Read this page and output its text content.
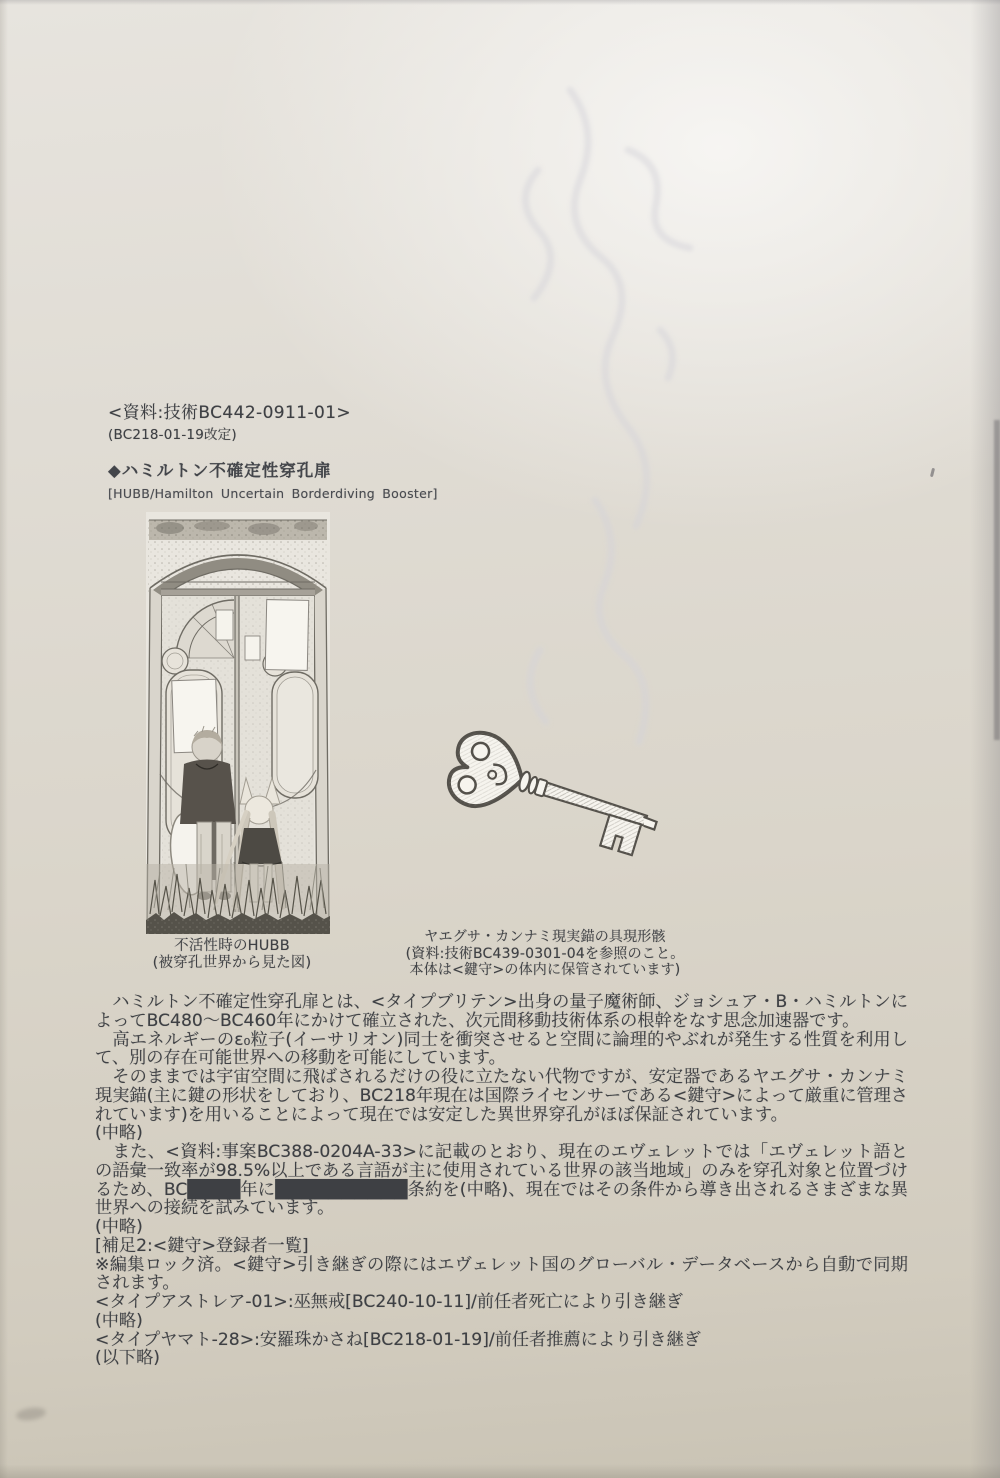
<資料:技術BC442-0911-01>
(BC218-01-19改定)
◆ハミルトン不確定性穿孔扉
[HUBB/Hamilton Uncertain Borderdiving Booster]
不活性時のHUBB
(被穿孔世界から見た図)
ヤエグサ・カンナミ現実錨の具現形骸
(資料:技術BC439-0301-04を参照のこと。
本体は<鍵守>の体内に保管されています)

　ハミルトン不確定性穿孔扉とは、<タイプブリテン>出身の量子魔術師、ジョシュア・B・ハミルトンによってBC480〜BC460年にかけて確立された、次元間移動技術体系の根幹をなす思念加速器です。

　高エネルギーのε₀粒子(イーサリオン)同士を衝突させると空間に論理的やぶれが発生する性質を利用して、別の存在可能世界への移動を可能にしています。

　そのままでは宇宙空間に飛ばされるだけの役に立たない代物ですが、安定器であるヤエグサ・カンナミ現実錨(主に鍵の形状をしており、BC218年現在は国際ライセンサーである<鍵守>によって厳重に管理されています)を用いることによって現在では安定した異世界穿孔がほぼ保証されています。

(中略)

　また、<資料:事案BC388-0204A-33>に記載のとおり、現在のエヴェレットでは「エヴェレット語との語彙一致率が98.5%以上である言語が主に使用されている世界の該当地域」のみを穿孔対象と位置づけるため、BC████年に██████████条約を(中略)、現在ではその条件から導き出されるさまざまな異世界への接続を試みています。

(中略)

[補足2:<鍵守>登録者一覧]

※編集ロック済。<鍵守>引き継ぎの際にはエヴェレット国のグローバル・データベースから自動で同期されます。

<タイプアストレア-01>:巫無戒[BC240-10-11]/前任者死亡により引き継ぎ

(中略)

<タイプヤマト-28>:安羅珠かさね[BC218-01-19]/前任者推薦により引き継ぎ

(以下略)
